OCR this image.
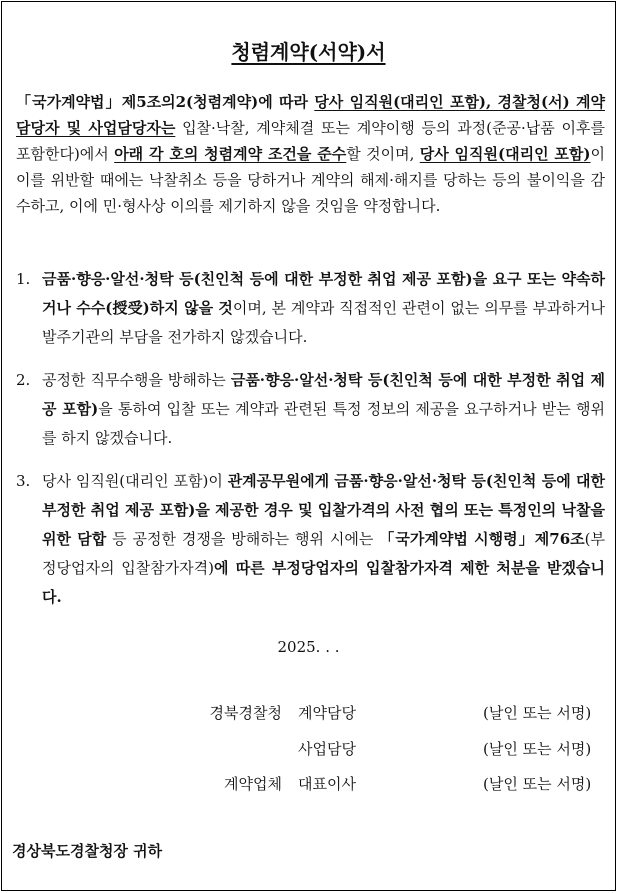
청렴계약(서약)서

「국가계약법」제5조의2(청렴계약)에 따라 당사 임직원(대리인 포함), 경찰청(서) 계약담당자 및 사업담당자는 입찰·낙찰, 계약체결 또는 계약이행 등의 과정(준공·납품 이후를 포함한다)에서 아래 각 호의 청렴계약 조건을 준수할 것이며, 당사 임직원(대리인 포함)이 이를 위반할 때에는 낙찰취소 등을 당하거나 계약의 해제·해지를 당하는 등의 불이익을 감수하고, 이에 민·형사상 이의를 제기하지 않을 것임을 약정합니다.

1. 금품·향응·알선·청탁 등(친인척 등에 대한 부정한 취업 제공 포함)을 요구 또는 약속하거나 수수(授受)하지 않을 것이며, 본 계약과 직접적인 관련이 없는 의무를 부과하거나 발주기관의 부담을 전가하지 않겠습니다.
2. 공정한 직무수행을 방해하는 금품·향응·알선·청탁 등(친인척 등에 대한 부정한 취업 제공 포함)을 통하여 입찰 또는 계약과 관련된 특정 정보의 제공을 요구하거나 받는 행위를 하지 않겠습니다.
3. 당사 임직원(대리인 포함)이 관계공무원에게 금품·향응·알선·청탁 등(친인척 등에 대한 부정한 취업 제공 포함)을 제공한 경우 및 입찰가격의 사전 협의 또는 특정인의 낙찰을 위한 담합 등 공정한 경쟁을 방해하는 행위 시에는 「국가계약법 시행령」제76조(부정당업자의 입찰참가자격)에 따른 부정당업자의 입찰참가자격 제한 처분을 받겠습니다.
2025. . .
경북경찰청 계약담당	(날인 또는 서명)
사업담당	(날인 또는 서명)
계약업체 대표이사	(날인 또는 서명)
경상북도경찰청장 귀하
